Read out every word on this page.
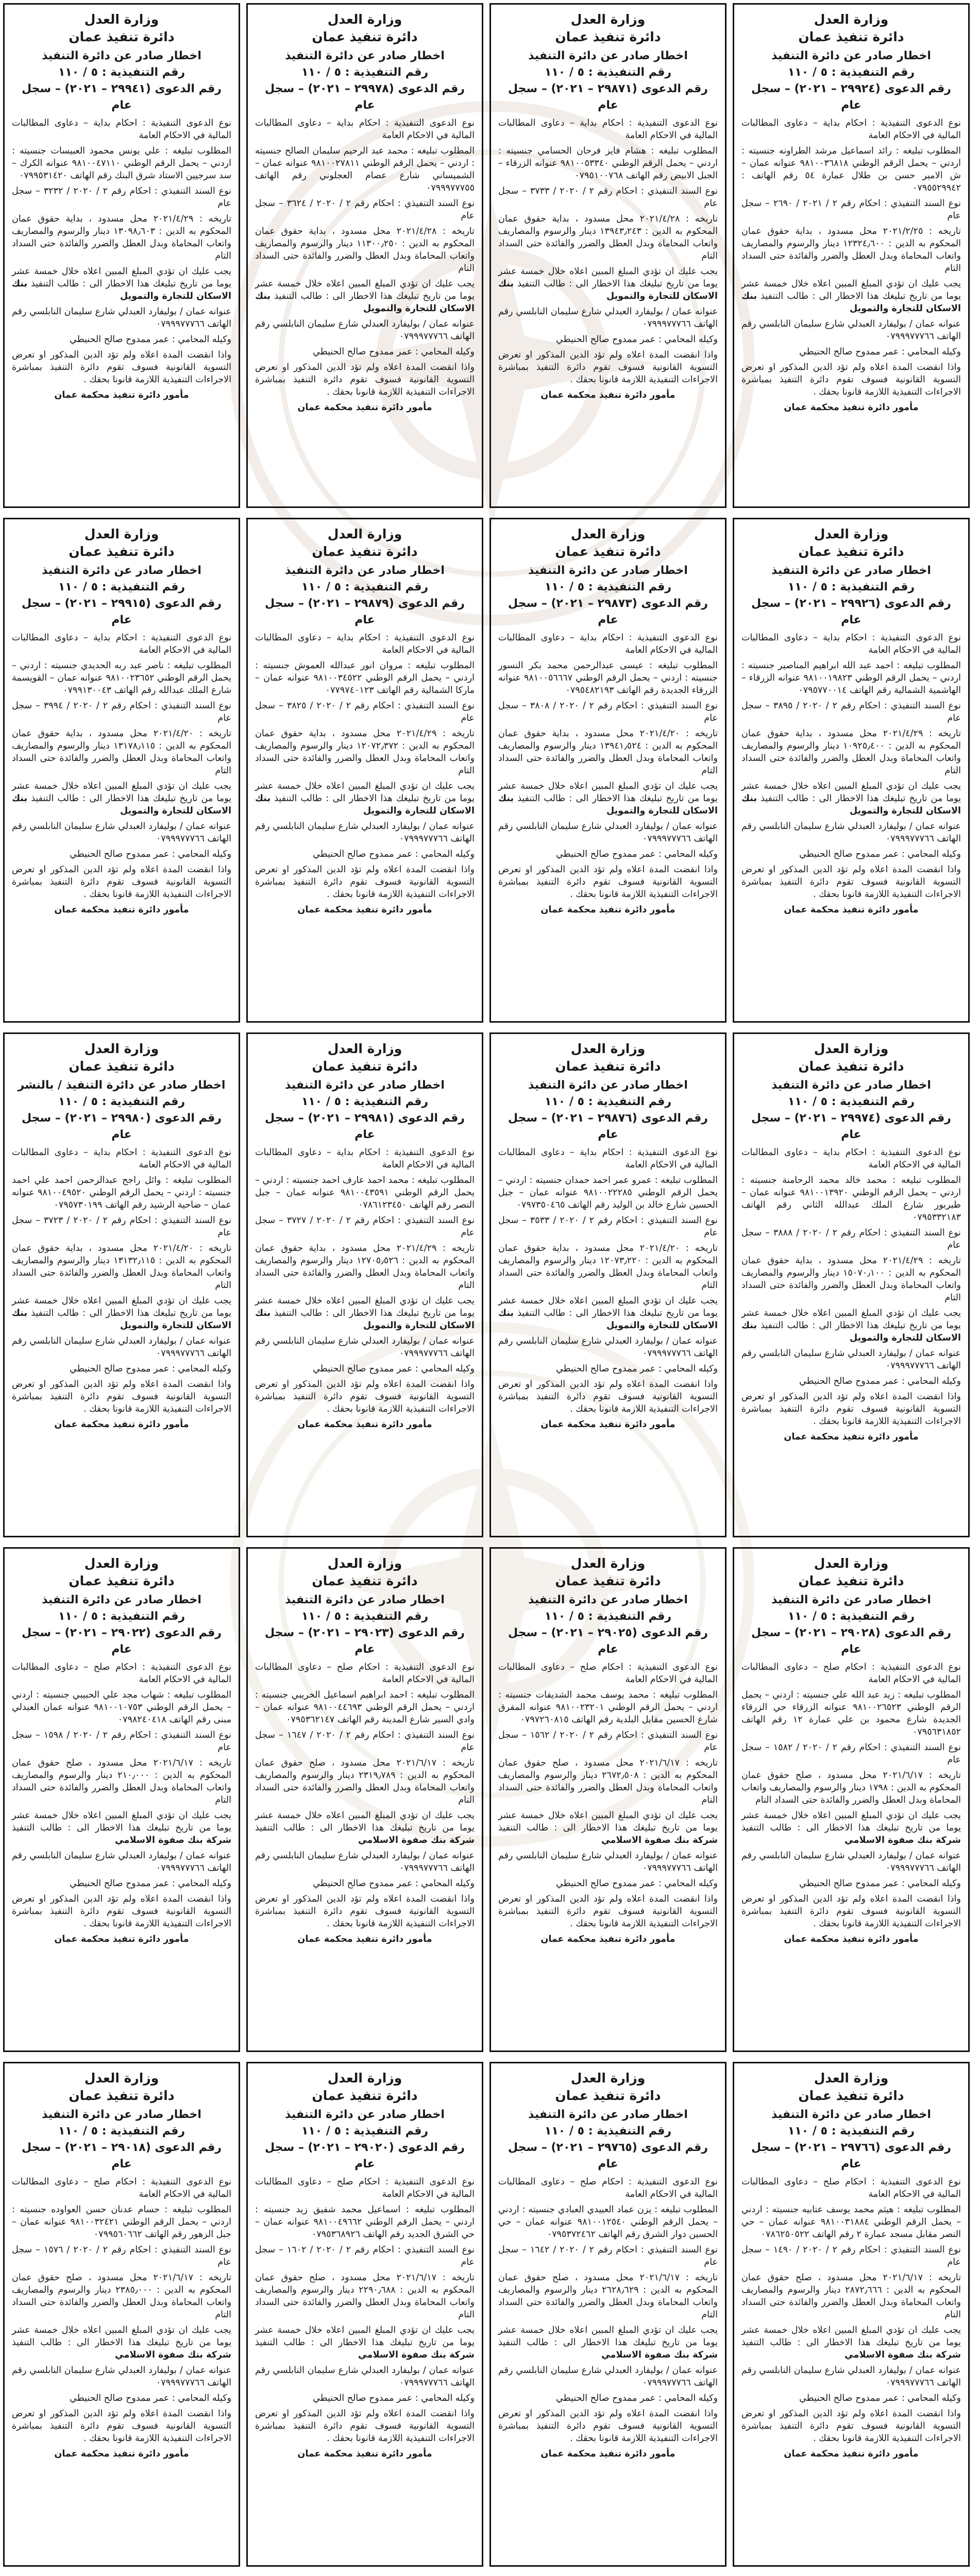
وزارة العدل
دائرة تنفيذ عمان
اخطار صادر عن دائرة التنفيذ
رقم التنفيذية : ٥ / ١١٠
رقم الدعوى (٢٩٩٢٤ – ٢٠٢١) – سجل عام

نوع الدعوى التنفيذية : احكام بداية – دعاوى المطالبات المالية في الاحكام العامة

المطلوب تبليغه : رائد اسماعيل مرشد الطراونه جنسيته : اردني – يحمل الرقم الوطني ٩٨١٠٠٣٦٨١٨ عنوانه عمان – ش الامير حسن بن طلال عمارة ٥٤ رقم الهاتف : ٠٧٩٥٥٢٩٩٤٢

نوع السند التنفيذي : احكام رقم ٢ / ٢٠٢١ / ٢٦٩٠ – سجل عام

تاريخه : ٢٠٢١/٢/٢٥ محل مسدود ، بداية حقوق عمان المحكوم به الدين : ١٢٣٢٤٫٦٠٠ دينار والرسوم والمصاريف واتعاب المحاماة وبدل العطل والضرر والفائدة حتى السداد التام

يجب عليك ان تؤدي المبلغ المبين اعلاه خلال خمسة عشر يوما من تاريخ تبليغك هذا الاخطار الى : طالب التنفيذ بنك الاسكان للتجارة والتمويل

عنوانه عمان / بوليفارد العبدلي شارع سليمان النابلسي رقم الهاتف ٠٧٩٩٩٧٧٧٦٦

وكيله المحامي : عمر ممدوح صالح الحنيطي

واذا انقضت المدة اعلاه ولم تؤد الدين المذكور او تعرض التسوية القانونية فسوف تقوم دائرة التنفيذ بمباشرة الاجراءات التنفيذية اللازمة قانونا بحقك .

مأمور دائرة تنفيذ محكمة عمان
وزارة العدل
دائرة تنفيذ عمان
اخطار صادر عن دائرة التنفيذ
رقم التنفيذية : ٥ / ١١٠
رقم الدعوى (٢٩٨٧١ – ٢٠٢١) – سجل عام

نوع الدعوى التنفيذية : احكام بداية – دعاوى المطالبات المالية في الاحكام العامة

المطلوب تبليغه : هشام فايز فرحان الحسامي جنسيته : اردني – يحمل الرقم الوطني ٩٨١٠٠٥٣٣٤٠ عنوانه الزرقاء – الجبل الابيض رقم الهاتف ٠٧٩٥١٠٠٧٦٨

نوع السند التنفيذي : احكام رقم ٢ / ٢٠٢٠ / ٣٧٣٣ – سجل عام

تاريخه : ٢٠٢١/٤/٢٨ محل مسدود ، بداية حقوق عمان المحكوم به الدين : ١٣٩٤٣٫٢٤٣ دينار والرسوم والمصاريف واتعاب المحاماة وبدل العطل والضرر والفائدة حتى السداد التام

يجب عليك ان تؤدي المبلغ المبين اعلاه خلال خمسة عشر يوما من تاريخ تبليغك هذا الاخطار الى : طالب التنفيذ بنك الاسكان للتجارة والتمويل

عنوانه عمان / بوليفارد العبدلي شارع سليمان النابلسي رقم الهاتف ٠٧٩٩٩٧٧٧٦٦

وكيله المحامي : عمر ممدوح صالح الحنيطي

واذا انقضت المدة اعلاه ولم تؤد الدين المذكور او تعرض التسوية القانونية فسوف تقوم دائرة التنفيذ بمباشرة الاجراءات التنفيذية اللازمة قانونا بحقك .

مأمور دائرة تنفيذ محكمة عمان
وزارة العدل
دائرة تنفيذ عمان
اخطار صادر عن دائرة التنفيذ
رقم التنفيذية : ٥ / ١١٠
رقم الدعوى (٢٩٩٧٨ – ٢٠٢١) – سجل عام

نوع الدعوى التنفيذية : احكام بداية – دعاوى المطالبات المالية في الاحكام العامة

المطلوب تبليغه : محمد عبد الرحيم سليمان الصالح جنسيته : اردني – يحمل الرقم الوطني ٩٨١٠٠٢٧٨١١ عنوانه عمان – الشميساني شارع عصام العجلوني رقم الهاتف ٠٧٩٩٩٧٧٧٥٥

نوع السند التنفيذي : احكام رقم ٢ / ٢٠٢٠ / ٣٦٢٤ – سجل عام

تاريخه : ٢٠٢١/٤/٢٨ محل مسدود ، بداية حقوق عمان المحكوم به الدين : ١١٣٠٠٫٢٥٠ دينار والرسوم والمصاريف واتعاب المحاماة وبدل العطل والضرر والفائدة حتى السداد التام

يجب عليك ان تؤدي المبلغ المبين اعلاه خلال خمسة عشر يوما من تاريخ تبليغك هذا الاخطار الى : طالب التنفيذ بنك الاسكان للتجارة والتمويل

عنوانه عمان / بوليفارد العبدلي شارع سليمان النابلسي رقم الهاتف ٠٧٩٩٩٧٧٧٦٦

وكيله المحامي : عمر ممدوح صالح الحنيطي

واذا انقضت المدة اعلاه ولم تؤد الدين المذكور او تعرض التسوية القانونية فسوف تقوم دائرة التنفيذ بمباشرة الاجراءات التنفيذية اللازمة قانونا بحقك .

مأمور دائرة تنفيذ محكمة عمان
وزارة العدل
دائرة تنفيذ عمان
اخطار صادر عن دائرة التنفيذ
رقم التنفيذية : ٥ / ١١٠
رقم الدعوى (٢٩٩٤١ – ٢٠٢١) – سجل عام

نوع الدعوى التنفيذية : احكام بداية – دعاوى المطالبات المالية في الاحكام العامة

المطلوب تبليغه : علي يونس محمود العبيسات جنسيته : اردني – يحمل الرقم الوطني ٩٨١٠٠٤٧١١٠ عنوانه الكرك – سد سرجيين الاستاد شرق البنك رقم الهاتف ٠٧٩٩٥٣١٤٢٠

نوع السند التنفيذي : احكام رقم ٢ / ٢٠٢٠ / ٣٢٣٢ – سجل عام

تاريخه : ٢٠٢١/٤/٢٩ محل مسدود ، بداية حقوق عمان المحكوم به الدين : ١٣٠٩٨٫٦٠٣ دينار والرسوم والمصاريف واتعاب المحاماة وبدل العطل والضرر والفائدة حتى السداد التام

يجب عليك ان تؤدي المبلغ المبين اعلاه خلال خمسة عشر يوما من تاريخ تبليغك هذا الاخطار الى : طالب التنفيذ بنك الاسكان للتجارة والتمويل

عنوانه عمان / بوليفارد العبدلي شارع سليمان النابلسي رقم الهاتف ٠٧٩٩٩٧٧٧٦٦

وكيله المحامي : عمر ممدوح صالح الحنيطي

واذا انقضت المدة اعلاه ولم تؤد الدين المذكور او تعرض التسوية القانونية فسوف تقوم دائرة التنفيذ بمباشرة الاجراءات التنفيذية اللازمة قانونا بحقك .

مأمور دائرة تنفيذ محكمة عمان
وزارة العدل
دائرة تنفيذ عمان
اخطار صادر عن دائرة التنفيذ
رقم التنفيذية : ٥ / ١١٠
رقم الدعوى (٢٩٩٢٦ – ٢٠٢١) – سجل عام

نوع الدعوى التنفيذية : احكام بداية – دعاوى المطالبات المالية في الاحكام العامة

المطلوب تبليغه : احمد عبد الله ابراهيم المناصير جنسيته : اردني – يحمل الرقم الوطني ٩٨١٠٠١٩٨٢٣ عنوانه الزرقاء – الهاشمية الشمالية رقم الهاتف ٠٧٩٥٧٧٠٠١٤

نوع السند التنفيذي : احكام رقم ٢ / ٢٠٢٠ / ٣٨٩٥ – سجل عام

تاريخه : ٢٠٢١/٤/٢٩ محل مسدود ، بداية حقوق عمان المحكوم به الدين : ١٠٩٢٥٫٤٠٠ دينار والرسوم والمصاريف واتعاب المحاماة وبدل العطل والضرر والفائدة حتى السداد التام

يجب عليك ان تؤدي المبلغ المبين اعلاه خلال خمسة عشر يوما من تاريخ تبليغك هذا الاخطار الى : طالب التنفيذ بنك الاسكان للتجارة والتمويل

عنوانه عمان / بوليفارد العبدلي شارع سليمان النابلسي رقم الهاتف ٠٧٩٩٩٧٧٧٦٦

وكيله المحامي : عمر ممدوح صالح الحنيطي

واذا انقضت المدة اعلاه ولم تؤد الدين المذكور او تعرض التسوية القانونية فسوف تقوم دائرة التنفيذ بمباشرة الاجراءات التنفيذية اللازمة قانونا بحقك .

مأمور دائرة تنفيذ محكمة عمان
وزارة العدل
دائرة تنفيذ عمان
اخطار صادر عن دائرة التنفيذ
رقم التنفيذية : ٥ / ١١٠
رقم الدعوى (٢٩٨٧٣ – ٢٠٢١) – سجل عام

نوع الدعوى التنفيذية : احكام بداية – دعاوى المطالبات المالية في الاحكام العامة

المطلوب تبليغه : عيسى عبدالرحمن محمد بكر النسور جنسيته : اردني – يحمل الرقم الوطني ٩٨١٠٠٥٦٦٦٧ عنوانه الزرقاء الجديدة رقم الهاتف ٠٧٩٥٤٨٢١٩٣

نوع السند التنفيذي : احكام رقم ٢ / ٢٠٢٠ / ٣٨٠٨ – سجل عام

تاريخه : ٢٠٢١/٤/٢٠ محل مسدود ، بداية حقوق عمان المحكوم به الدين : ١٣٩٤١٫٥٢٤ دينار والرسوم والمصاريف واتعاب المحاماة وبدل العطل والضرر والفائدة حتى السداد التام

يجب عليك ان تؤدي المبلغ المبين اعلاه خلال خمسة عشر يوما من تاريخ تبليغك هذا الاخطار الى : طالب التنفيذ بنك الاسكان للتجارة والتمويل

عنوانه عمان / بوليفارد العبدلي شارع سليمان النابلسي رقم الهاتف ٠٧٩٩٩٧٧٧٦٦

وكيله المحامي : عمر ممدوح صالح الحنيطي

واذا انقضت المدة اعلاه ولم تؤد الدين المذكور او تعرض التسوية القانونية فسوف تقوم دائرة التنفيذ بمباشرة الاجراءات التنفيذية اللازمة قانونا بحقك .

مأمور دائرة تنفيذ محكمة عمان
وزارة العدل
دائرة تنفيذ عمان
اخطار صادر عن دائرة التنفيذ
رقم التنفيذية : ٥ / ١١٠
رقم الدعوى (٢٩٨٧٩ – ٢٠٢١) – سجل عام

نوع الدعوى التنفيذية : احكام بداية – دعاوى المطالبات المالية في الاحكام العامة

المطلوب تبليغه : مروان انور عبدالله العموش جنسيته : اردني – يحمل الرقم الوطني ٩٨١٠٠٣٤٥٢٢ عنوانه عمان – ماركا الشمالية رقم الهاتف ٠٧٧٩٧٤٠١٢٣

نوع السند التنفيذي : احكام رقم ٢ / ٢٠٢٠ / ٣٨٢٥ – سجل عام

تاريخه : ٢٠٢١/٤/٢٩ محل مسدود ، بداية حقوق عمان المحكوم به الدين : ١٢٠٧٢٫٣٧٢ دينار والرسوم والمصاريف واتعاب المحاماة وبدل العطل والضرر والفائدة حتى السداد التام

يجب عليك ان تؤدي المبلغ المبين اعلاه خلال خمسة عشر يوما من تاريخ تبليغك هذا الاخطار الى : طالب التنفيذ بنك الاسكان للتجارة والتمويل

عنوانه عمان / بوليفارد العبدلي شارع سليمان النابلسي رقم الهاتف ٠٧٩٩٩٧٧٧٦٦

وكيله المحامي : عمر ممدوح صالح الحنيطي

واذا انقضت المدة اعلاه ولم تؤد الدين المذكور او تعرض التسوية القانونية فسوف تقوم دائرة التنفيذ بمباشرة الاجراءات التنفيذية اللازمة قانونا بحقك .

مأمور دائرة تنفيذ محكمة عمان
وزارة العدل
دائرة تنفيذ عمان
اخطار صادر عن دائرة التنفيذ
رقم التنفيذية : ٥ / ١١٠
رقم الدعوى (٢٩٩١٥ – ٢٠٢١) – سجل عام

نوع الدعوى التنفيذية : احكام بداية – دعاوى المطالبات المالية في الاحكام العامة

المطلوب تبليغه : ناصر عبد ربه الحديدي جنسيته : اردني – يحمل الرقم الوطني ٩٨١٠٠٢٣٦٥٢ عنوانه عمان – القويسمة شارع الملك عبدالله رقم الهاتف ٠٧٩٩١٣٠٠٤٣

نوع السند التنفيذي : احكام رقم ٢ / ٢٠٢٠ / ٣٩٩٤ – سجل عام

تاريخه : ٢٠٢١/٤/٢٠ محل مسدود ، بداية حقوق عمان المحكوم به الدين : ١٣١٧٨٫١١٥ دينار والرسوم والمصاريف واتعاب المحاماة وبدل العطل والضرر والفائدة حتى السداد التام

يجب عليك ان تؤدي المبلغ المبين اعلاه خلال خمسة عشر يوما من تاريخ تبليغك هذا الاخطار الى : طالب التنفيذ بنك الاسكان للتجارة والتمويل

عنوانه عمان / بوليفارد العبدلي شارع سليمان النابلسي رقم الهاتف ٠٧٩٩٩٧٧٧٦٦

وكيله المحامي : عمر ممدوح صالح الحنيطي

واذا انقضت المدة اعلاه ولم تؤد الدين المذكور او تعرض التسوية القانونية فسوف تقوم دائرة التنفيذ بمباشرة الاجراءات التنفيذية اللازمة قانونا بحقك .

مأمور دائرة تنفيذ محكمة عمان
وزارة العدل
دائرة تنفيذ عمان
اخطار صادر عن دائرة التنفيذ
رقم التنفيذية : ٥ / ١١٠
رقم الدعوى (٢٩٩٧٤ – ٢٠٢١) – سجل عام

نوع الدعوى التنفيذية : احكام بداية – دعاوى المطالبات المالية في الاحكام العامة

المطلوب تبليغه : محمد خالد محمد الرحامنة جنسيته : اردني – يحمل الرقم الوطني ٩٨١٠٠١٣٩٢٠ عنوانه عمان – طبربور شارع الملك عبدالله الثاني رقم الهاتف ٠٧٩٥٣٣٢١٨٣

نوع السند التنفيذي : احكام رقم ٢ / ٢٠٢٠ / ٣٨٨٨ – سجل عام

تاريخه : ٢٠٢١/٤/٢٩ محل مسدود ، بداية حقوق عمان المحكوم به الدين : ١٥٠٧٠٫١٠٠ دينار والرسوم والمصاريف واتعاب المحاماة وبدل العطل والضرر والفائدة حتى السداد التام

يجب عليك ان تؤدي المبلغ المبين اعلاه خلال خمسة عشر يوما من تاريخ تبليغك هذا الاخطار الى : طالب التنفيذ بنك الاسكان للتجارة والتمويل

عنوانه عمان / بوليفارد العبدلي شارع سليمان النابلسي رقم الهاتف ٠٧٩٩٩٧٧٧٦٦

وكيله المحامي : عمر ممدوح صالح الحنيطي

واذا انقضت المدة اعلاه ولم تؤد الدين المذكور او تعرض التسوية القانونية فسوف تقوم دائرة التنفيذ بمباشرة الاجراءات التنفيذية اللازمة قانونا بحقك .

مأمور دائرة تنفيذ محكمة عمان
وزارة العدل
دائرة تنفيذ عمان
اخطار صادر عن دائرة التنفيذ
رقم التنفيذية : ٥ / ١١٠
رقم الدعوى (٢٩٨٧٦ – ٢٠٢١) – سجل عام

نوع الدعوى التنفيذية : احكام بداية – دعاوى المطالبات المالية في الاحكام العامة

المطلوب تبليغه : عمرو عمر احمد حمدان جنسيته : اردني – يحمل الرقم الوطني ٩٨١٠٠٢٢٢٨٥ عنوانه عمان – جبل الحسين شارع خالد بن الوليد رقم الهاتف ٠٧٩٧٣٥٠٤٦٥

نوع السند التنفيذي : احكام رقم ٢ / ٢٠٢٠ / ٣٥٣٣ – سجل عام

تاريخه : ٢٠٢١/٤/٢٠ محل مسدود ، بداية حقوق عمان المحكوم به الدين : ١٢٠٧٣٫٢٢٠ دينار والرسوم والمصاريف واتعاب المحاماة وبدل العطل والضرر والفائدة حتى السداد التام

يجب عليك ان تؤدي المبلغ المبين اعلاه خلال خمسة عشر يوما من تاريخ تبليغك هذا الاخطار الى : طالب التنفيذ بنك الاسكان للتجارة والتمويل

عنوانه عمان / بوليفارد العبدلي شارع سليمان النابلسي رقم الهاتف ٠٧٩٩٩٧٧٧٦٦

وكيله المحامي : عمر ممدوح صالح الحنيطي

واذا انقضت المدة اعلاه ولم تؤد الدين المذكور او تعرض التسوية القانونية فسوف تقوم دائرة التنفيذ بمباشرة الاجراءات التنفيذية اللازمة قانونا بحقك .

مأمور دائرة تنفيذ محكمة عمان
وزارة العدل
دائرة تنفيذ عمان
اخطار صادر عن دائرة التنفيذ
رقم التنفيذية : ٥ / ١١٠
رقم الدعوى (٢٩٩٨١ – ٢٠٢١) – سجل عام

نوع الدعوى التنفيذية : احكام بداية – دعاوى المطالبات المالية في الاحكام العامة

المطلوب تبليغه : محمد احمد عارف احمد جنسيته : اردني – يحمل الرقم الوطني ٩٨١٠٠٤٣٥٩١ عنوانه عمان – جبل النصر رقم الهاتف ٠٧٨٦١٢٣٤٥٠

نوع السند التنفيذي : احكام رقم ٢ / ٢٠٢٠ / ٣٧٢٧ – سجل عام

تاريخه : ٢٠٢١/٤/٢٩ محل مسدود ، بداية حقوق عمان المحكوم به الدين : ١٢٧٠٥٫٥٢٦ دينار والرسوم والمصاريف واتعاب المحاماة وبدل العطل والضرر والفائدة حتى السداد التام

يجب عليك ان تؤدي المبلغ المبين اعلاه خلال خمسة عشر يوما من تاريخ تبليغك هذا الاخطار الى : طالب التنفيذ بنك الاسكان للتجارة والتمويل

عنوانه عمان / بوليفارد العبدلي شارع سليمان النابلسي رقم الهاتف ٠٧٩٩٩٧٧٧٦٦

وكيله المحامي : عمر ممدوح صالح الحنيطي

واذا انقضت المدة اعلاه ولم تؤد الدين المذكور او تعرض التسوية القانونية فسوف تقوم دائرة التنفيذ بمباشرة الاجراءات التنفيذية اللازمة قانونا بحقك .

مأمور دائرة تنفيذ محكمة عمان
وزارة العدل
دائرة تنفيذ عمان
اخطار صادر عن دائرة التنفيذ / بالنشر
رقم التنفيذية : ٥ / ١١٠
رقم الدعوى (٢٩٩٨٠ – ٢٠٢١) – سجل عام

نوع الدعوى التنفيذية : احكام بداية – دعاوى المطالبات المالية في الاحكام العامة

المطلوب تبليغه : وائل راجح عبدالرحمن احمد علي احمد جنسيته : اردني – يحمل الرقم الوطني ٩٨١٠٠٤٩٥٢٠ عنوانه عمان – ضاحية الرشيد رقم الهاتف ٠٧٩٥٧٣٠١٩٩

نوع السند التنفيذي : احكام رقم ٢ / ٢٠٢٠ / ٣٧٢٣ – سجل عام

تاريخه : ٢٠٢١/٤/٢٠ محل مسدود ، بداية حقوق عمان المحكوم به الدين : ١٣١٣٢٫١١٥ دينار والرسوم والمصاريف واتعاب المحاماة وبدل العطل والضرر والفائدة حتى السداد التام

يجب عليك ان تؤدي المبلغ المبين اعلاه خلال خمسة عشر يوما من تاريخ تبليغك هذا الاخطار الى : طالب التنفيذ بنك الاسكان للتجارة والتمويل

عنوانه عمان / بوليفارد العبدلي شارع سليمان النابلسي رقم الهاتف ٠٧٩٩٩٧٧٧٦٦

وكيله المحامي : عمر ممدوح صالح الحنيطي

واذا انقضت المدة اعلاه ولم تؤد الدين المذكور او تعرض التسوية القانونية فسوف تقوم دائرة التنفيذ بمباشرة الاجراءات التنفيذية اللازمة قانونا بحقك .

مأمور دائرة تنفيذ محكمة عمان
وزارة العدل
دائرة تنفيذ عمان
اخطار صادر عن دائرة التنفيذ
رقم التنفيذية : ٥ / ١١٠
رقم الدعوى (٢٩٠٢٨ – ٢٠٢١) – سجل عام

نوع الدعوى التنفيذية : احكام صلح – دعاوى المطالبات المالية في الاحكام العامة

المطلوب تبليغه : زيد عبد الله علي جنسيته : اردني – يحمل الرقم الوطني ٩٨١٠٠٢٦٥٢٣ عنوانه الزرقاء حي الزرقاء الجديدة شارع محمود بن علي عمارة ١٢ رقم الهاتف ٠٧٩٥٦٣١٨٥٢

نوع السند التنفيذي : احكام رقم ٢ / ٢٠٢٠ / ١٥٨٢ – سجل عام

تاريخه : ٢٠٢١/٦/١٧ محل مسدود ، صلح حقوق عمان المحكوم به الدين : ١٧٩٨ دينار والرسوم والمصاريف واتعاب المحاماة وبدل العطل والضرر والفائدة حتى السداد التام

يجب عليك ان تؤدي المبلغ المبين اعلاه خلال خمسة عشر يوما من تاريخ تبليغك هذا الاخطار الى : طالب التنفيذ شركة بنك صفوة الاسلامي

عنوانه عمان / بوليفارد العبدلي شارع سليمان النابلسي رقم الهاتف ٠٧٩٩٩٧٧٧٦٦

وكيله المحامي : عمر ممدوح صالح الحنيطي

واذا انقضت المدة اعلاه ولم تؤد الدين المذكور او تعرض التسوية القانونية فسوف تقوم دائرة التنفيذ بمباشرة الاجراءات التنفيذية اللازمة قانونا بحقك .

مأمور دائرة تنفيذ محكمة عمان
وزارة العدل
دائرة تنفيذ عمان
اخطار صادر عن دائرة التنفيذ
رقم التنفيذية : ٥ / ١١٠
رقم الدعوى (٢٩٠٢٥ – ٢٠٢١) – سجل عام

نوع الدعوى التنفيذية : احكام صلح – دعاوى المطالبات المالية في الاحكام العامة

المطلوب تبليغه : محمد يوسف محمد الشديفات جنسيته : اردني – يحمل الرقم الوطني ٩٨١٠٠٢٣٢٠١ عنوانه المفرق شارع الحسين مقابل البلدية رقم الهاتف ٠٧٩٧٢٦٠٨١٥

نوع السند التنفيذي : احكام رقم ٢ / ٢٠٢٠ / ١٥٦٢ – سجل عام

تاريخه : ٢٠٢١/٦/١٧ محل مسدود ، صلح حقوق عمان المحكوم به الدين : ٢٦٧٢٫٥٠٨ دينار والرسوم والمصاريف واتعاب المحاماة وبدل العطل والضرر والفائدة حتى السداد التام

يجب عليك ان تؤدي المبلغ المبين اعلاه خلال خمسة عشر يوما من تاريخ تبليغك هذا الاخطار الى : طالب التنفيذ شركة بنك صفوة الاسلامي

عنوانه عمان / بوليفارد العبدلي شارع سليمان النابلسي رقم الهاتف ٠٧٩٩٩٧٧٧٦٦

وكيله المحامي : عمر ممدوح صالح الحنيطي

واذا انقضت المدة اعلاه ولم تؤد الدين المذكور او تعرض التسوية القانونية فسوف تقوم دائرة التنفيذ بمباشرة الاجراءات التنفيذية اللازمة قانونا بحقك .

مأمور دائرة تنفيذ محكمة عمان
وزارة العدل
دائرة تنفيذ عمان
اخطار صادر عن دائرة التنفيذ
رقم التنفيذية : ٥ / ١١٠
رقم الدعوى (٢٩٠٢٣ – ٢٠٢١) – سجل عام

نوع الدعوى التنفيذية : احكام صلح – دعاوى المطالبات المالية في الاحكام العامة

المطلوب تبليغه : احمد ابراهيم اسماعيل الخريبي جنسيته : اردني – يحمل الرقم الوطني ٩٨١٠٠٤٤٦٩٣ عنوانه عمان – وادي السير شارع المدينة رقم الهاتف ٠٧٩٥٣٦٢١٤٧

نوع السند التنفيذي : احكام رقم ٢ / ٢٠٢٠ / ١٦٤٧ – سجل عام

تاريخه : ٢٠٢١/٦/١٧ محل مسدود ، صلح حقوق عمان المحكوم به الدين : ٢٣١٩٫٧٨٩ دينار والرسوم والمصاريف واتعاب المحاماة وبدل العطل والضرر والفائدة حتى السداد التام

يجب عليك ان تؤدي المبلغ المبين اعلاه خلال خمسة عشر يوما من تاريخ تبليغك هذا الاخطار الى : طالب التنفيذ شركة بنك صفوة الاسلامي

عنوانه عمان / بوليفارد العبدلي شارع سليمان النابلسي رقم الهاتف ٠٧٩٩٩٧٧٧٦٦

وكيله المحامي : عمر ممدوح صالح الحنيطي

واذا انقضت المدة اعلاه ولم تؤد الدين المذكور او تعرض التسوية القانونية فسوف تقوم دائرة التنفيذ بمباشرة الاجراءات التنفيذية اللازمة قانونا بحقك .

مأمور دائرة تنفيذ محكمة عمان
وزارة العدل
دائرة تنفيذ عمان
اخطار صادر عن دائرة التنفيذ
رقم التنفيذية : ٥ / ١١٠
رقم الدعوى (٢٩٠٢٢ – ٢٠٢١) – سجل عام

نوع الدعوى التنفيذية : احكام صلح – دعاوى المطالبات المالية في الاحكام العامة

المطلوب تبليغه : شهاب مجد علي الحبيبي جنسيته : اردني – يحمل الرقم الوطني ٩٨١٠٠١٠٧٥٣ عنوانه عمان العبدلي مبنى رقم الهاتف ٠٧٩٨٢٤٠٤١٨

نوع السند التنفيذي : احكام رقم ٢ / ٢٠٢٠ / ١٥٩٨ – سجل عام

تاريخه : ٢٠٢١/٦/١٧ محل مسدود ، صلح حقوق عمان المحكوم به الدين : ٢١٠٫٠٠٠ دينار والرسوم والمصاريف واتعاب المحاماة وبدل العطل والضرر والفائدة حتى السداد التام

يجب عليك ان تؤدي المبلغ المبين اعلاه خلال خمسة عشر يوما من تاريخ تبليغك هذا الاخطار الى : طالب التنفيذ شركة بنك صفوة الاسلامي

عنوانه عمان / بوليفارد العبدلي شارع سليمان النابلسي رقم الهاتف ٠٧٩٩٩٧٧٧٦٦

وكيله المحامي : عمر ممدوح صالح الحنيطي

واذا انقضت المدة اعلاه ولم تؤد الدين المذكور او تعرض التسوية القانونية فسوف تقوم دائرة التنفيذ بمباشرة الاجراءات التنفيذية اللازمة قانونا بحقك .

مأمور دائرة تنفيذ محكمة عمان
وزارة العدل
دائرة تنفيذ عمان
اخطار صادر عن دائرة التنفيذ
رقم التنفيذية : ٥ / ١١٠
رقم الدعوى (٢٩٧٦٦ – ٢٠٢١) – سجل عام

نوع الدعوى التنفيذية : احكام صلح – دعاوى المطالبات المالية في الاحكام العامة

المطلوب تبليغه : هيثم محمد يوسف عتابيه جنسيته : اردني – يحمل الرقم الوطني ٩٨١٠٠٣١٨٨٤ عنوانه عمان – حي النصر مقابل مسجد عمارة ٢ رقم الهاتف ٠٧٨٦٢٥٠٥٢٢

نوع السند التنفيذي : احكام رقم ٢ / ٢٠٢٠ / ١٤٩٠ – سجل عام

تاريخه : ٢٠٢١/٦/١٧ محل مسدود ، صلح حقوق عمان المحكوم به الدين : ٢٨٧٢٫٦٦٦ دينار والرسوم والمصاريف واتعاب المحاماة وبدل العطل والضرر والفائدة حتى السداد التام

يجب عليك ان تؤدي المبلغ المبين اعلاه خلال خمسة عشر يوما من تاريخ تبليغك هذا الاخطار الى : طالب التنفيذ شركة بنك صفوة الاسلامي

عنوانه عمان / بوليفارد العبدلي شارع سليمان النابلسي رقم الهاتف ٠٧٩٩٩٧٧٧٦٦

وكيله المحامي : عمر ممدوح صالح الحنيطي

واذا انقضت المدة اعلاه ولم تؤد الدين المذكور او تعرض التسوية القانونية فسوف تقوم دائرة التنفيذ بمباشرة الاجراءات التنفيذية اللازمة قانونا بحقك .

مأمور دائرة تنفيذ محكمة عمان
وزارة العدل
دائرة تنفيذ عمان
اخطار صادر عن دائرة التنفيذ
رقم التنفيذية : ٥ / ١١٠
رقم الدعوى (٢٩٧٦٥ – ٢٠٢١) – سجل عام

نوع الدعوى التنفيذية : احكام صلح – دعاوى المطالبات المالية في الاحكام العامة

المطلوب تبليغه : يزن عماد العبيدي العبادي جنسيته : اردني – يحمل الرقم الوطني ٩٨١٠٠١٢٥٤٠ عنوانه عمان – حي الحسين دوار الشرق رقم الهاتف ٠٧٩٥٣٧٢٤٦٢

نوع السند التنفيذي : احكام رقم ٢ / ٢٠٢٠ / ١٦٤٢ – سجل عام

تاريخه : ٢٠٢١/٦/١٧ محل مسدود ، صلح حقوق عمان المحكوم به الدين : ٢٦٢٨٫٦٢٩ دينار والرسوم والمصاريف واتعاب المحاماة وبدل العطل والضرر والفائدة حتى السداد التام

يجب عليك ان تؤدي المبلغ المبين اعلاه خلال خمسة عشر يوما من تاريخ تبليغك هذا الاخطار الى : طالب التنفيذ شركة بنك صفوة الاسلامي

عنوانه عمان / بوليفارد العبدلي شارع سليمان النابلسي رقم الهاتف ٠٧٩٩٩٧٧٧٦٦

وكيله المحامي : عمر ممدوح صالح الحنيطي

واذا انقضت المدة اعلاه ولم تؤد الدين المذكور او تعرض التسوية القانونية فسوف تقوم دائرة التنفيذ بمباشرة الاجراءات التنفيذية اللازمة قانونا بحقك .

مأمور دائرة تنفيذ محكمة عمان
وزارة العدل
دائرة تنفيذ عمان
اخطار صادر عن دائرة التنفيذ
رقم التنفيذية : ٥ / ١١٠
رقم الدعوى (٢٩٠٢٠ – ٢٠٢١) – سجل عام

نوع الدعوى التنفيذية : احكام صلح – دعاوى المطالبات المالية في الاحكام العامة

المطلوب تبليغه : اسماعيل محمد شفيق زيد جنسيته : اردني – يحمل الرقم الوطني ٩٨١٠٠٤٩٦٦٢ عنوانه عمان – حي الشرق الجديد رقم الهاتف ٠٧٩٥٣٦٨٩٢٦

نوع السند التنفيذي : احكام رقم ٢ / ٢٠٢٠ / ١٦٠٢ – سجل عام

تاريخه : ٢٠٢١/٦/١٧ محل مسدود ، صلح حقوق عمان المحكوم به الدين : ٢٢٩٠٫٦٨٨ دينار والرسوم والمصاريف واتعاب المحاماة وبدل العطل والضرر والفائدة حتى السداد التام

يجب عليك ان تؤدي المبلغ المبين اعلاه خلال خمسة عشر يوما من تاريخ تبليغك هذا الاخطار الى : طالب التنفيذ شركة بنك صفوة الاسلامي

عنوانه عمان / بوليفارد العبدلي شارع سليمان النابلسي رقم الهاتف ٠٧٩٩٩٧٧٧٦٦

وكيله المحامي : عمر ممدوح صالح الحنيطي

واذا انقضت المدة اعلاه ولم تؤد الدين المذكور او تعرض التسوية القانونية فسوف تقوم دائرة التنفيذ بمباشرة الاجراءات التنفيذية اللازمة قانونا بحقك .

مأمور دائرة تنفيذ محكمة عمان
وزارة العدل
دائرة تنفيذ عمان
اخطار صادر عن دائرة التنفيذ
رقم التنفيذية : ٥ / ١١٠
رقم الدعوى (٢٩٠١٨ – ٢٠٢١) – سجل عام

نوع الدعوى التنفيذية : احكام صلح – دعاوى المطالبات المالية في الاحكام العامة

المطلوب تبليغه : حسام عدنان حسن العواوده جنسيته : اردني – يحمل الرقم الوطني ٩٨١٠٠٣٢٤٢١ عنوانه عمان – جبل الزهور رقم الهاتف ٠٧٩٩٥٦٠٦٦٢

نوع السند التنفيذي : احكام رقم ٢ / ٢٠٢٠ / ١٥٧٦ – سجل عام

تاريخه : ٢٠٢١/٦/١٧ محل مسدود ، صلح حقوق عمان المحكوم به الدين : ٢٣٨٥٫٠٠٠ دينار والرسوم والمصاريف واتعاب المحاماة وبدل العطل والضرر والفائدة حتى السداد التام

يجب عليك ان تؤدي المبلغ المبين اعلاه خلال خمسة عشر يوما من تاريخ تبليغك هذا الاخطار الى : طالب التنفيذ شركة بنك صفوة الاسلامي

عنوانه عمان / بوليفارد العبدلي شارع سليمان النابلسي رقم الهاتف ٠٧٩٩٩٧٧٧٦٦

وكيله المحامي : عمر ممدوح صالح الحنيطي

واذا انقضت المدة اعلاه ولم تؤد الدين المذكور او تعرض التسوية القانونية فسوف تقوم دائرة التنفيذ بمباشرة الاجراءات التنفيذية اللازمة قانونا بحقك .

مأمور دائرة تنفيذ محكمة عمان
